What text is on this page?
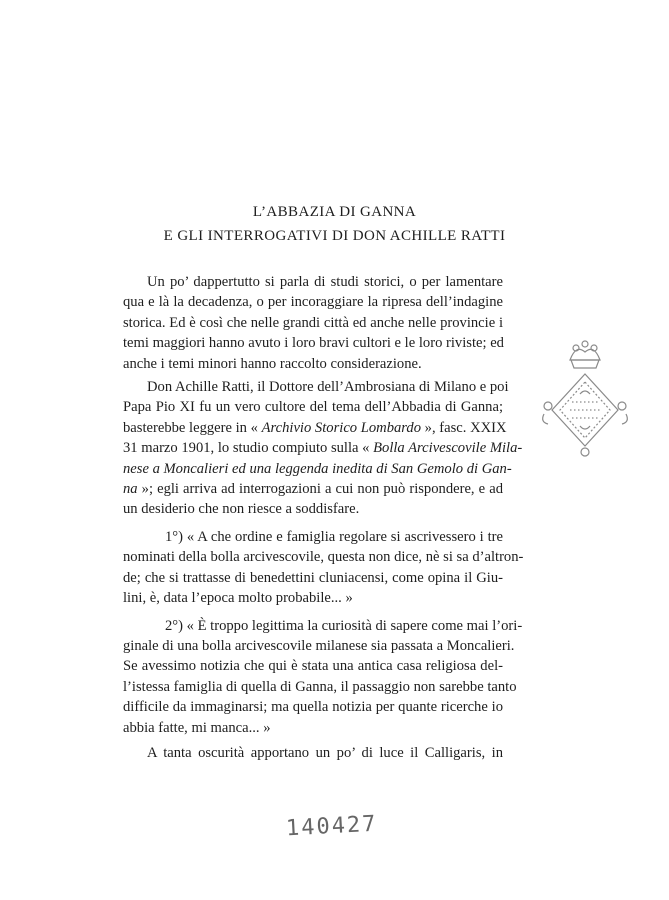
L’ABBAZIA DI GANNA
E GLI INTERROGATIVI DI DON ACHILLE RATTI

Un po’ dappertutto si parla di studi storici, o per lamentare
qua e là la decadenza, o per incoraggiare la ripresa dell’indagine
storica. Ed è così che nelle grandi città ed anche nelle provincie i
temi maggiori hanno avuto i loro bravi cultori e le loro riviste; ed
anche i temi minori hanno raccolto considerazione.

Don Achille Ratti, il Dottore dell’Ambrosiana di Milano e poi
Papa Pio XI fu un vero cultore del tema dell’Abbadia di Ganna;
basterebbe leggere in « Archivio Storico Lombardo », fasc. XXIX
31 marzo 1901, lo studio compiuto sulla « Bolla Arcivescovile Mila-
nese a Moncalieri ed una leggenda inedita di San Gemolo di Gan-
na »; egli arriva ad interrogazioni a cui non può rispondere, e ad
un desiderio che non riesce a soddisfare.

1°) « A che ordine e famiglia regolare si ascrivessero i tre
nominati della bolla arcivescovile, questa non dice, nè si sa d’altron-
de; che si trattasse di benedettini cluniacensi, come opina il Giu-
lini, è, data l’epoca molto probabile... »

2°) « È troppo legittima la curiosità di sapere come mai l’ori-
ginale di una bolla arcivescovile milanese sia passata a Moncalieri.
Se avessimo notizia che qui è stata una antica casa religiosa del-
l’istessa famiglia di quella di Ganna, il passaggio non sarebbe tanto
difficile da immaginarsi; ma quella notizia per quante ricerche io
abbia fatte, mi manca... »

A tanta oscurità apportano un po’ di luce il Calligaris, in

140427
